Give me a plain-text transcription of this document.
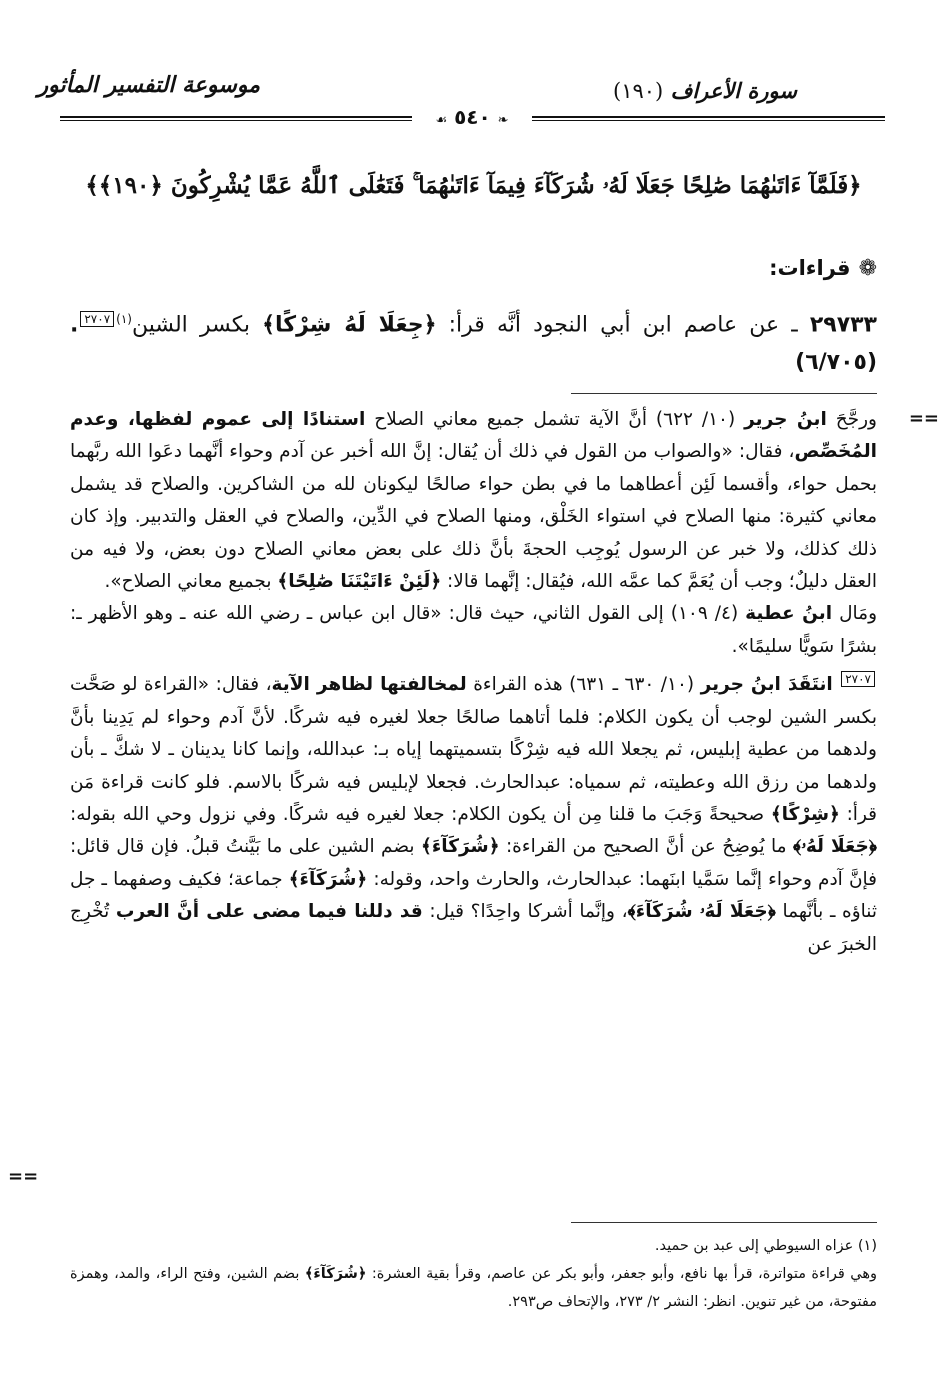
موسوعة التفسير المأثور	سورة الأعراف (١٩٠)
❧ ٥٤٠ ☙
﴿فَلَمَّآ ءَاتَىٰهُمَا صَٰلِحًا جَعَلَا لَهُۥ شُرَكَآءَ فِيمَآ ءَاتَىٰهُمَا ۚ فَتَعَٰلَى ٱللَّهُ عَمَّا يُشْرِكُونَ ﴿١٩٠﴾﴾
❁قراءات:
٢٩٧٣٣ ـ عن عاصم ابن أبي النجود أنَّه قرأ: ﴿جِعَلَا لَهُ شِرْكًا﴾ بكسر الشين$^{(١)٢٧٠٧}$. (٦/٧٠٥)
==

ورجَّحَ ابنُ جرير (١٠/ ٦٢٢) أنَّ الآية تشمل جميع معاني الصلاح استنادًا إلى عموم لفظها، وعدم المُخَصِّص، فقال: «والصواب من القول في ذلك أن يُقال: إنَّ الله أخبر عن آدم وحواء أنَّهما دعَوا الله ربَّهما بحمل حواء، وأقسما لَئِن أعطاهما ما في بطن حواء صالحًا ليكونان لله من الشاكرين. والصلاح قد يشمل معاني كثيرة: منها الصلاح في استواء الخَلْق، ومنها الصلاح في الدِّين، والصلاح في العقل والتدبير. وإذ كان ذلك كذلك، ولا خبر عن الرسول يُوجِب الحجةَ بأنَّ ذلك على بعض معاني الصلاح دون بعض، ولا فيه من العقل دليلٌ؛ وجب أن يُعَمَّ كما عمَّه الله، فيُقال: إنَّهما قالا: ﴿لَئِنْ ءَاتَيْتَنَا صَٰلِحًا﴾ بجميع معاني الصلاح».

ومَال ابنُ عطية (٤/ ١٠٩) إلى القول الثاني، حيث قال: «قال ابن عباس ـ رضي الله عنه ـ وهو الأظهر ـ: بشرًا سَويًّا سليمًا».

$^{٢٧٠٧}$ انتَقَدَ ابنُ جرير (١٠/ ٦٣٠ ـ ٦٣١) هذه القراءة لمخالفتها لظاهر الآية، فقال: «القراءة لو صَحَّت بكسر الشين لوجب أن يكون الكلام: فلما أتاهما صالحًا جعلا لغيره فيه شركًا. لأنَّ آدم وحواء لم يَدِينا بأنَّ ولدهما من عطية إبليس، ثم يجعلا الله فيه شِرْكًا بتسميتهما إياه بـ: عبدالله، وإنما كانا يدينان ـ لا شكَّ ـ بأن ولدهما من رزق الله وعطيته، ثم سمياه: عبدالحارث. فجعلا لإبليس فيه شركًا بالاسم. فلو كانت قراءة مَن قرأ: ﴿شِرْكًا﴾ صحيحةً وَجَبَ ما قلنا مِن أن يكون الكلام: جعلا لغيره فيه شركًا. وفي نزول وحي الله بقوله: ﴿جَعَلَا لَهُۥ﴾ ما يُوضِحُ عن أنَّ الصحيح من القراءة: ﴿شُرَكَآءَ﴾ بضم الشين على ما بَيَّنتُ قبلُ. فإن قال قائل: فإنَّ آدم وحواء إنَّما سَمَّيا ابنَهما: عبدالحارث، والحارث واحد، وقوله: ﴿شُرَكَآءَ﴾ جماعة؛ فكيف وصفهما ـ جل ثناؤه ـ بأنَّهما ﴿جَعَلَا لَهُۥ شُرَكَآءَ﴾، وإنَّما أشركا واحِدًا؟ قيل: قد دللنا فيما مضى على أنَّ العرب تُخْرِج الخبرَ عن

==

(١) عزاه السيوطي إلى عبد بن حميد.

وهي قراءة متواترة، قرأ بها نافع، وأبو جعفر، وأبو بكر عن عاصم، وقرأ بقية العشرة: ﴿شُرَكَآءَ﴾ بضم الشين، وفتح الراء، والمد، وهمزة مفتوحة، من غير تنوين. انظر: النشر ٢/ ٢٧٣، والإتحاف ص٢٩٣.
